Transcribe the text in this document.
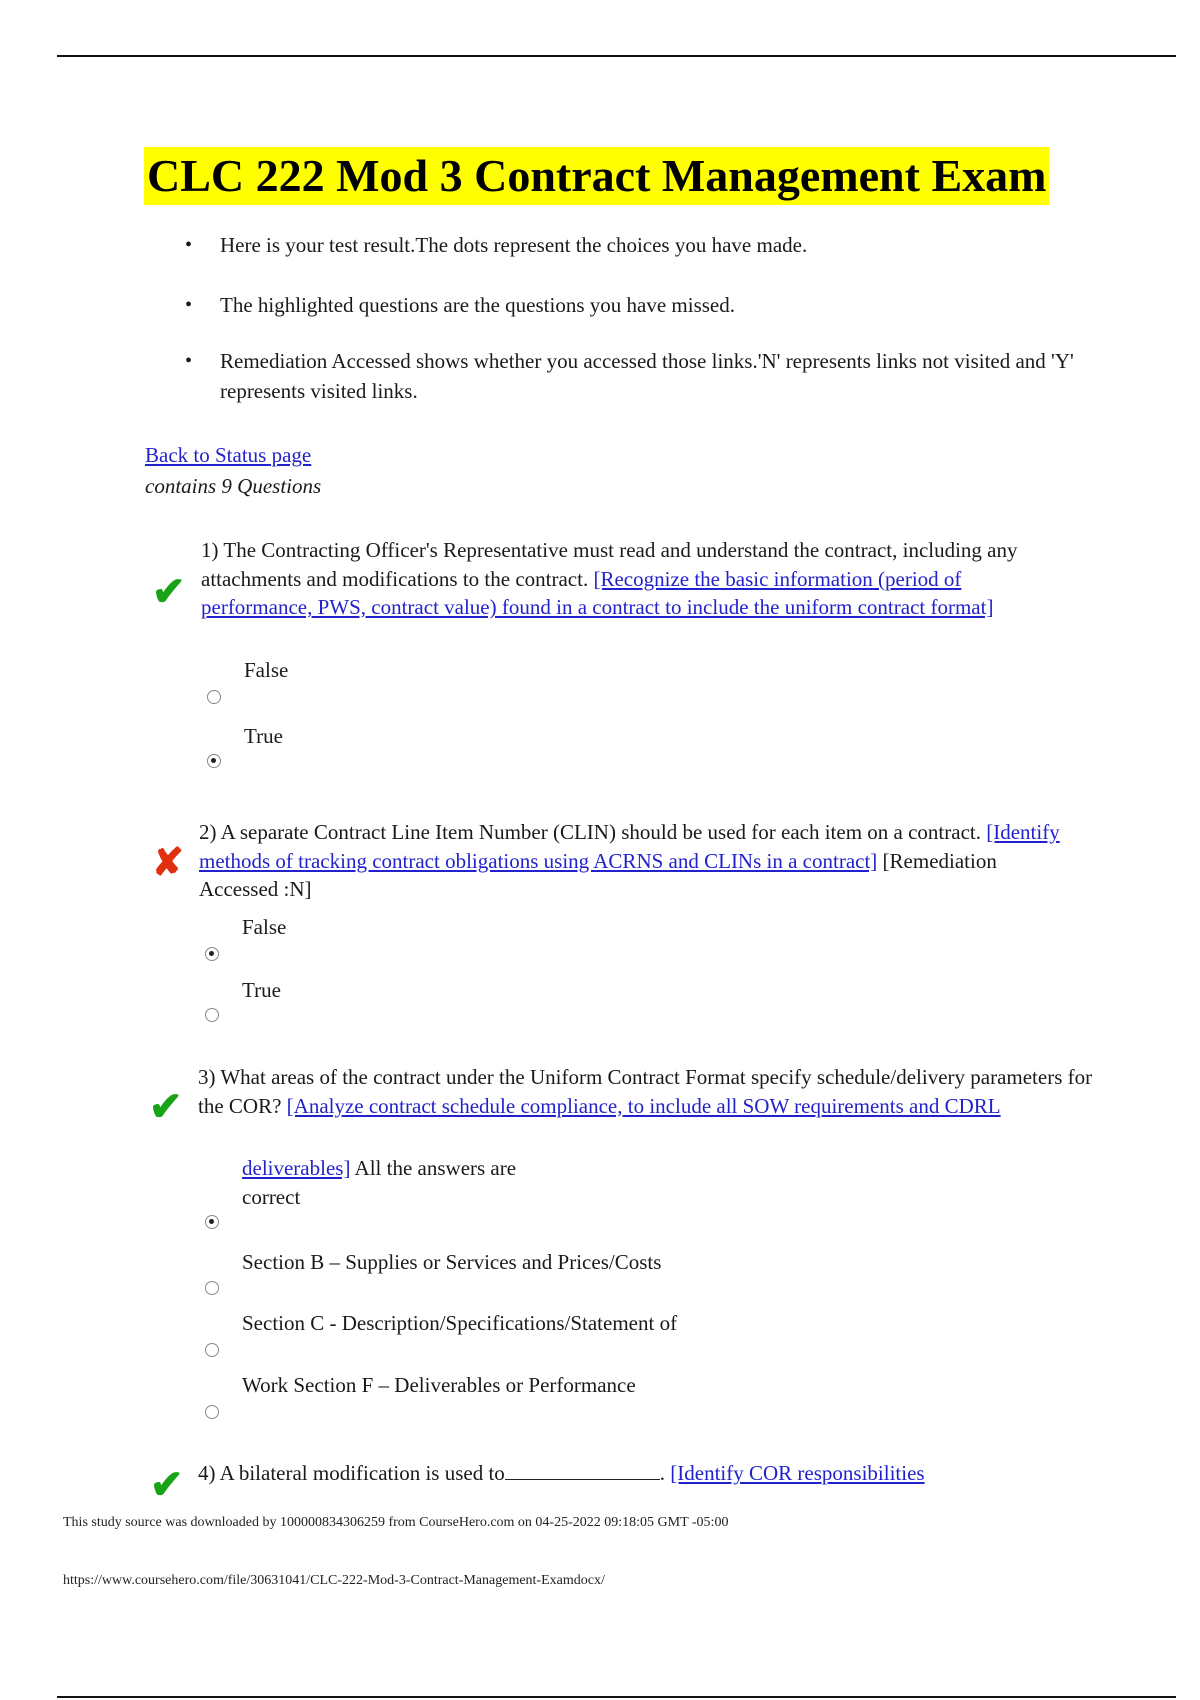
CLC 222 Mod 3 Contract Management Exam
• Here is your test result.The dots represent the choices you have made.
• The highlighted questions are the questions you have missed.
• Remediation Accessed shows whether you accessed those links.'N' represents links not visited and 'Y' represents visited links.
Back to Status page
contains 9 Questions
✔
1) The Contracting Officer's Representative must read and understand the contract, including any attachments and modifications to the contract. [Recognize the basic information (period of performance, PWS, contract value) found in a contract to include the uniform contract format]
False
True
✘
2) A separate Contract Line Item Number (CLIN) should be used for each item on a contract. [Identify methods of tracking contract obligations using ACRNS and CLINs in a contract] [Remediation Accessed :N]
False
True
✔
3) What areas of the contract under the Uniform Contract Format specify schedule/delivery parameters for the COR? [Analyze contract schedule compliance, to include all SOW requirements and CDRL
deliverables] All the answers are correct
Section B – Supplies or Services and Prices/Costs
Section C - Description/Specifications/Statement of
Work Section F – Deliverables or Performance
✔ 4) A bilateral modification is used to	. [Identify COR responsibilities
This study source was downloaded by 100000834306259 from CourseHero.com on 04-25-2022 09:18:05 GMT -05:00
https://www.coursehero.com/file/30631041/CLC-222-Mod-3-Contract-Management-Examdocx/
